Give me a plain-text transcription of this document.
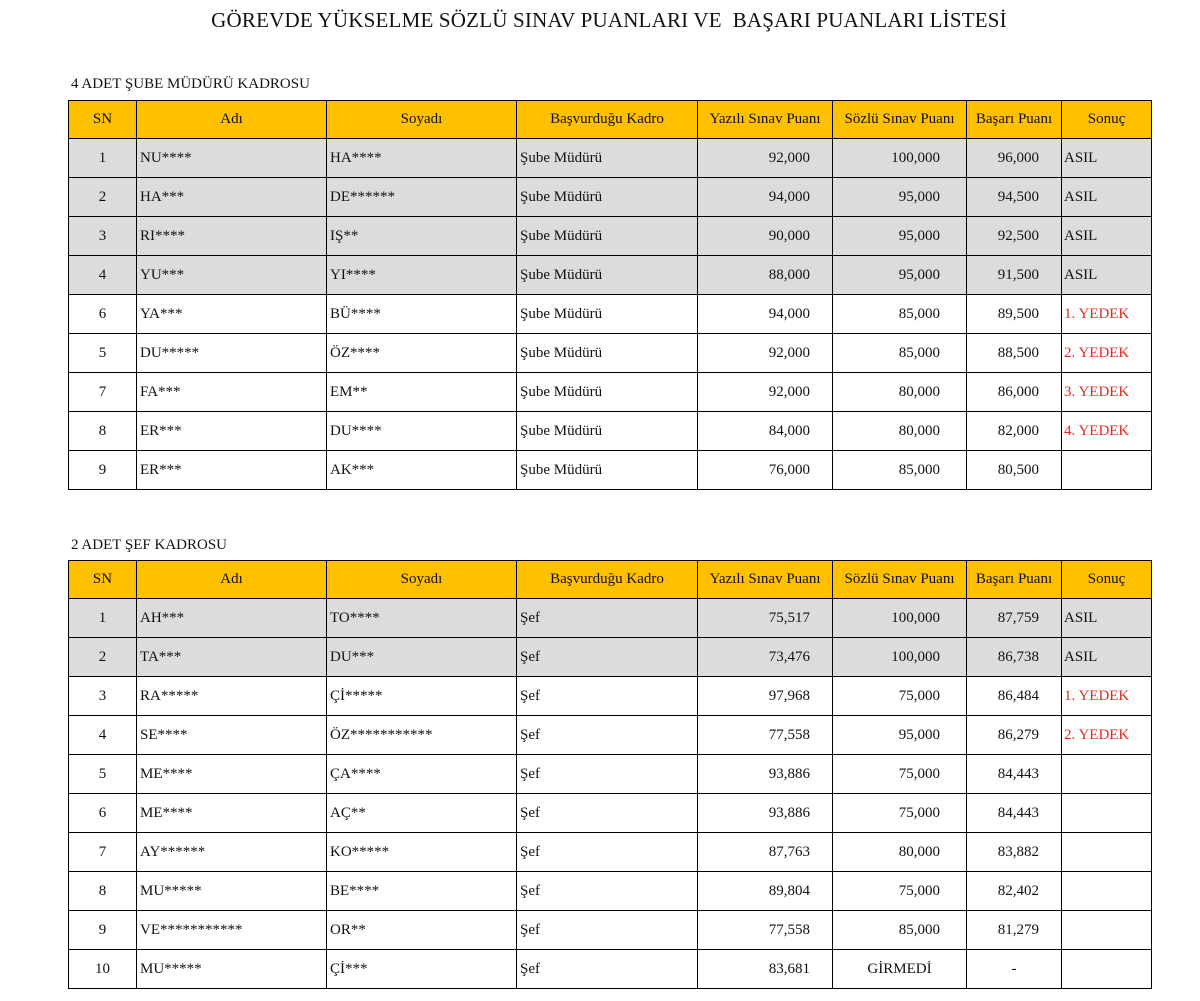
GÖREVDE YÜKSELME SÖZLÜ SINAV PUANLARI VE  BAŞARI PUANLARI LİSTESİ
4 ADET ŞUBE MÜDÜRÜ KADROSU
SN	Adı	Soyadı	Başvurduğu Kadro	Yazılı Sınav Puanı	Sözlü Sınav Puanı	Başarı Puanı	Sonuç
1	NU****	HA****	Şube Müdürü	92,000	100,000	96,000	ASIL
2	HA***	DE******	Şube Müdürü	94,000	95,000	94,500	ASIL
3	RI****	IŞ**	Şube Müdürü	90,000	95,000	92,500	ASIL
4	YU***	YI****	Şube Müdürü	88,000	95,000	91,500	ASIL
6	YA***	BÜ****	Şube Müdürü	94,000	85,000	89,500	1. YEDEK
5	DU*****	ÖZ****	Şube Müdürü	92,000	85,000	88,500	2. YEDEK
7	FA***	EM**	Şube Müdürü	92,000	80,000	86,000	3. YEDEK
8	ER***	DU****	Şube Müdürü	84,000	80,000	82,000	4. YEDEK
9	ER***	AK***	Şube Müdürü	76,000	85,000	80,500	
2 ADET ŞEF KADROSU
SN	Adı	Soyadı	Başvurduğu Kadro	Yazılı Sınav Puanı	Sözlü Sınav Puanı	Başarı Puanı	Sonuç
1	AH***	TO****	Şef	75,517	100,000	87,759	ASIL
2	TA***	DU***	Şef	73,476	100,000	86,738	ASIL
3	RA*****	Çİ*****	Şef	97,968	75,000	86,484	1. YEDEK
4	SE****	ÖZ***********	Şef	77,558	95,000	86,279	2. YEDEK
5	ME****	ÇA****	Şef	93,886	75,000	84,443	
6	ME****	AÇ**	Şef	93,886	75,000	84,443	
7	AY******	KO*****	Şef	87,763	80,000	83,882	
8	MU*****	BE****	Şef	89,804	75,000	82,402	
9	VE***********	OR**	Şef	77,558	85,000	81,279	
10	MU*****	Çİ***	Şef	83,681	GİRMEDİ	-	
